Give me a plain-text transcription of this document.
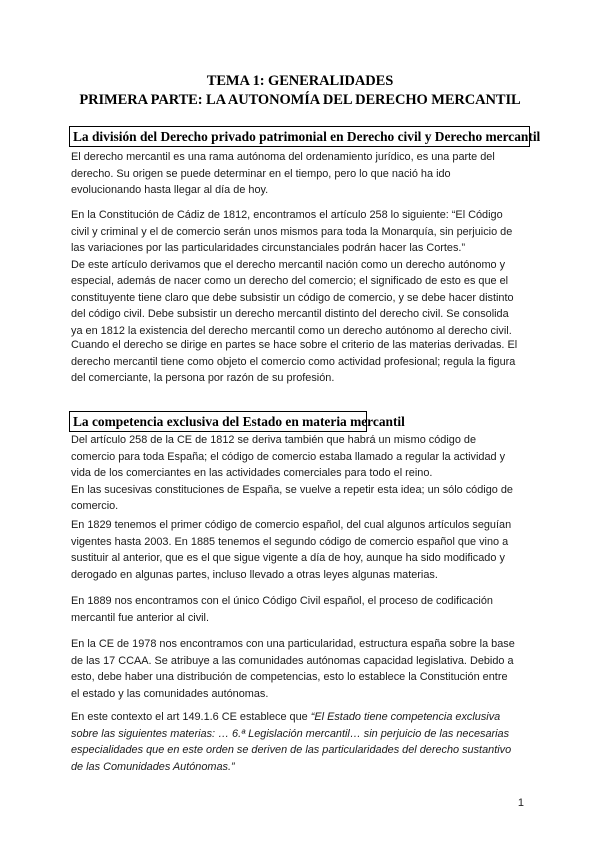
TEMA 1: GENERALIDADES
PRIMERA PARTE: LA AUTONOMÍA DEL DERECHO MERCANTIL
La división del Derecho privado patrimonial en Derecho civil y Derecho mercantil
El derecho mercantil es una rama autónoma del ordenamiento jurídico, es una parte del
derecho. Su origen se puede determinar en el tiempo, pero lo que nació ha ido
evolucionando hasta llegar al día de hoy.
En la Constitución de Cádiz de 1812, encontramos el artículo 258 lo siguiente: “El Código
civil y criminal y el de comercio serán unos mismos para toda la Monarquía, sin perjuicio de
las variaciones por las particularidades circunstanciales podrán hacer las Cortes.”
De este artículo derivamos que el derecho mercantil nación como un derecho autónomo y
especial, además de nacer como un derecho del comercio; el significado de esto es que el
constituyente tiene claro que debe subsistir un código de comercio, y se debe hacer distinto
del código civil. Debe subsistir un derecho mercantil distinto del derecho civil. Se consolida
ya en 1812 la existencia del derecho mercantil como un derecho autónomo al derecho civil.
Cuando el derecho se dirige en partes se hace sobre el criterio de las materias derivadas. El
derecho mercantil tiene como objeto el comercio como actividad profesional; regula la figura
del comerciante, la persona por razón de su profesión.
La competencia exclusiva del Estado en materia mercantil
Del artículo 258 de la CE de 1812 se deriva también que habrá un mismo código de
comercio para toda España; el código de comercio estaba llamado a regular la actividad y
vida de los comerciantes en las actividades comerciales para todo el reino.
En las sucesivas constituciones de España, se vuelve a repetir esta idea; un sólo código de
comercio.
En 1829 tenemos el primer código de comercio español, del cual algunos artículos seguían
vigentes hasta 2003. En 1885 tenemos el segundo código de comercio español que vino a
sustituir al anterior, que es el que sigue vigente a día de hoy, aunque ha sido modificado y
derogado en algunas partes, incluso llevado a otras leyes algunas materias.
En 1889 nos encontramos con el único Código Civil español, el proceso de codificación
mercantil fue anterior al civil.
En la CE de 1978 nos encontramos con una particularidad, estructura españa sobre la base
de las 17 CCAA. Se atribuye a las comunidades autónomas capacidad legislativa. Debido a
esto, debe haber una distribución de competencias, esto lo establece la Constitución entre
el estado y las comunidades autónomas.
En este contexto el art 149.1.6 CE establece que “El Estado tiene competencia exclusiva
sobre las siguientes materias: … 6.ª Legislación mercantil… sin perjuicio de las necesarias
especialidades que en este orden se deriven de las particularidades del derecho sustantivo
de las Comunidades Autónomas.”
1
